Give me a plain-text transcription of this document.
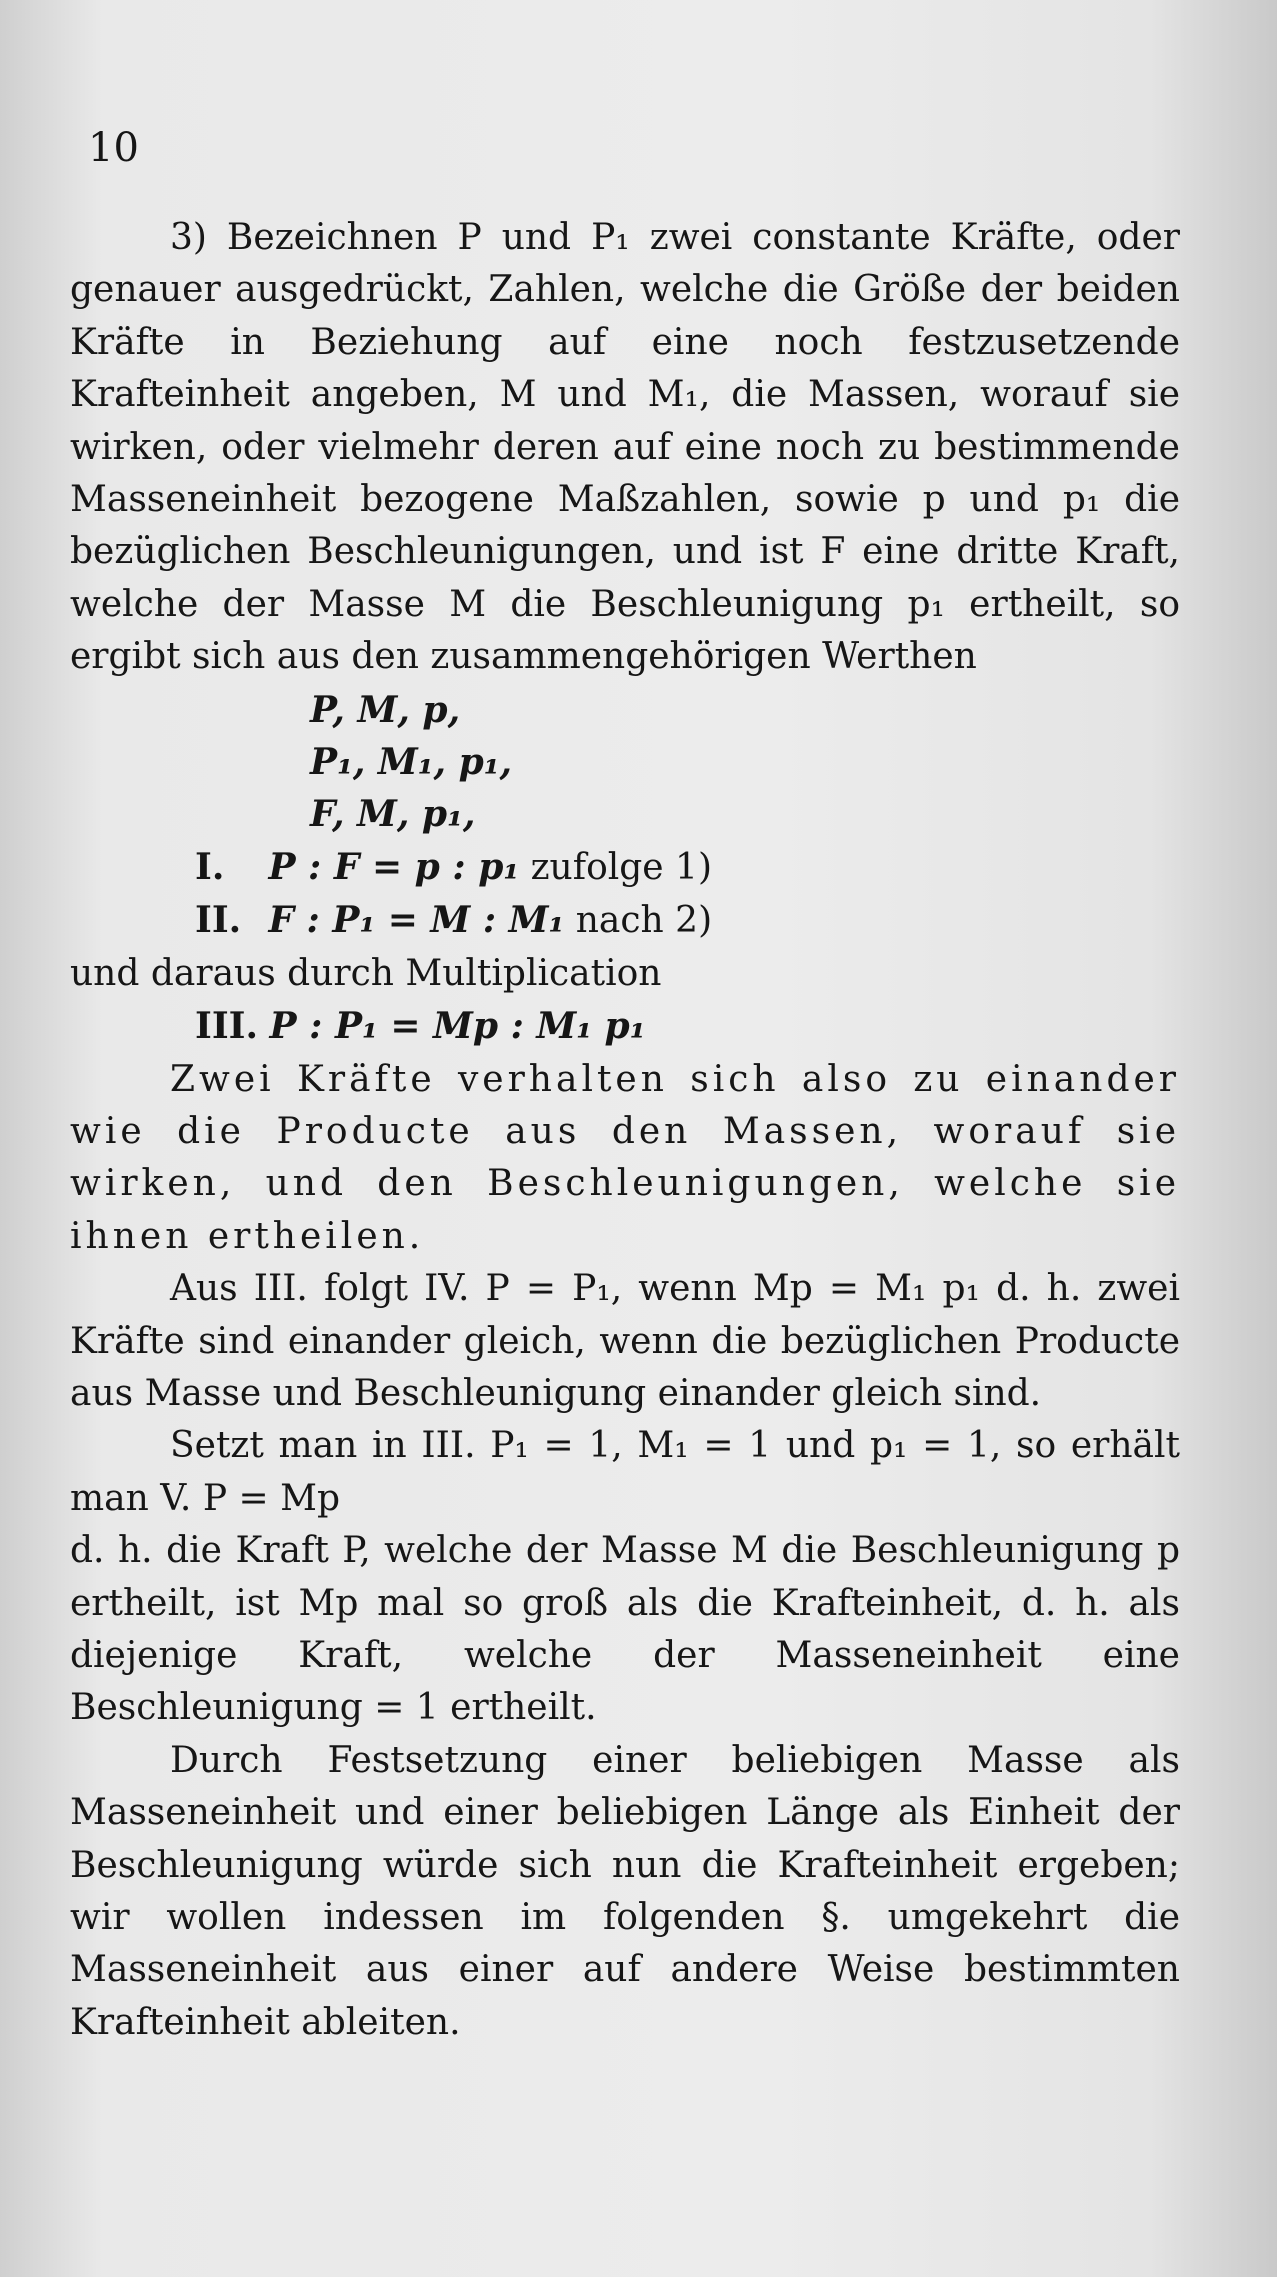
10

3) Bezeichnen P und P₁ zwei constante Kräfte, oder genauer ausgedrückt, Zahlen, welche die Größe der beiden Kräfte in Beziehung auf eine noch festzusetzende Krafteinheit angeben, M und M₁, die Massen, worauf sie wirken, oder vielmehr deren auf eine noch zu bestimmende Masseneinheit bezogene Maßzahlen, sowie p und p₁ die bezüglichen Beschleunigungen, und ist F eine dritte Kraft, welche der Masse M die Beschleunigung p₁ ertheilt, so ergibt sich aus den zusammengehörigen Werthen

P, M, p,
P₁, M₁, p₁,
F, M, p₁,
I. P : F = p : p₁ zufolge 1)
II. F : P₁ = M : M₁ nach 2)

und daraus durch Multiplication

III. P : P₁ = Mp : M₁ p₁

Zwei Kräfte verhalten sich also zu einander wie die Producte aus den Massen, worauf sie wirken, und den Beschleunigungen, welche sie ihnen ertheilen.

Aus III. folgt IV. P = P₁, wenn Mp = M₁ p₁ d. h. zwei Kräfte sind einander gleich, wenn die bezüglichen Producte aus Masse und Beschleunigung einander gleich sind.

Setzt man in III. P₁ = 1, M₁ = 1 und p₁ = 1, so erhält man V. P = Mp

d. h. die Kraft P, welche der Masse M die Beschleunigung p ertheilt, ist Mp mal so groß als die Krafteinheit, d. h. als diejenige Kraft, welche der Masseneinheit eine Beschleunigung = 1 ertheilt.

Durch Festsetzung einer beliebigen Masse als Masseneinheit und einer beliebigen Länge als Einheit der Beschleunigung würde sich nun die Krafteinheit ergeben; wir wollen indessen im folgenden §. umgekehrt die Masseneinheit aus einer auf andere Weise bestimmten Krafteinheit ableiten.
